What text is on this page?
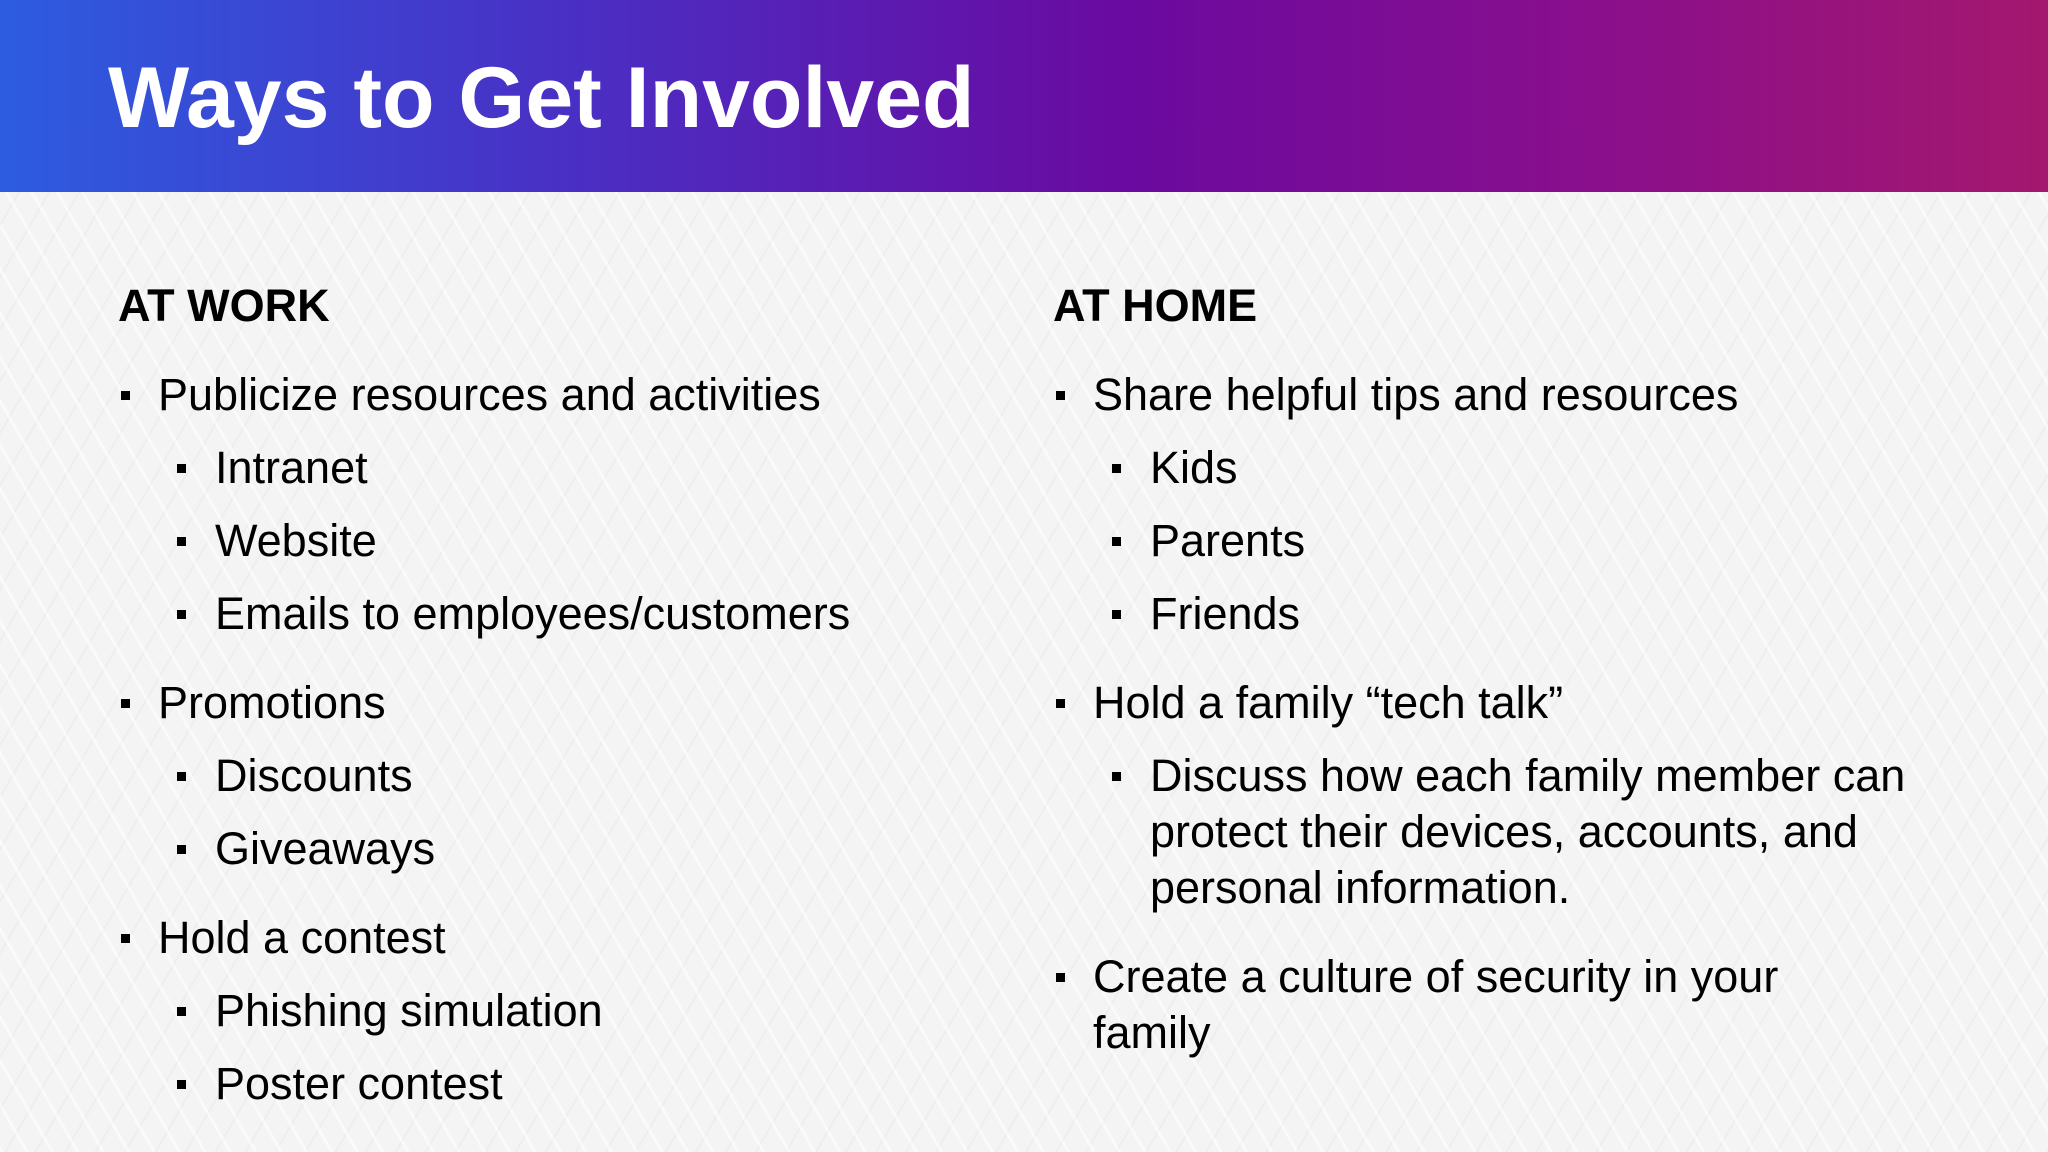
Ways to Get Involved
AT WORK
Publicize resources and activities
Intranet
Website
Emails to employees/customers
Promotions
Discounts
Giveaways
Hold a contest
Phishing simulation
Poster contest
AT HOME
Share helpful tips and resources
Kids
Parents
Friends
Hold a family “tech talk”
Discuss how each family member can protect their devices, accounts, and personal information.
Create a culture of security in your family
